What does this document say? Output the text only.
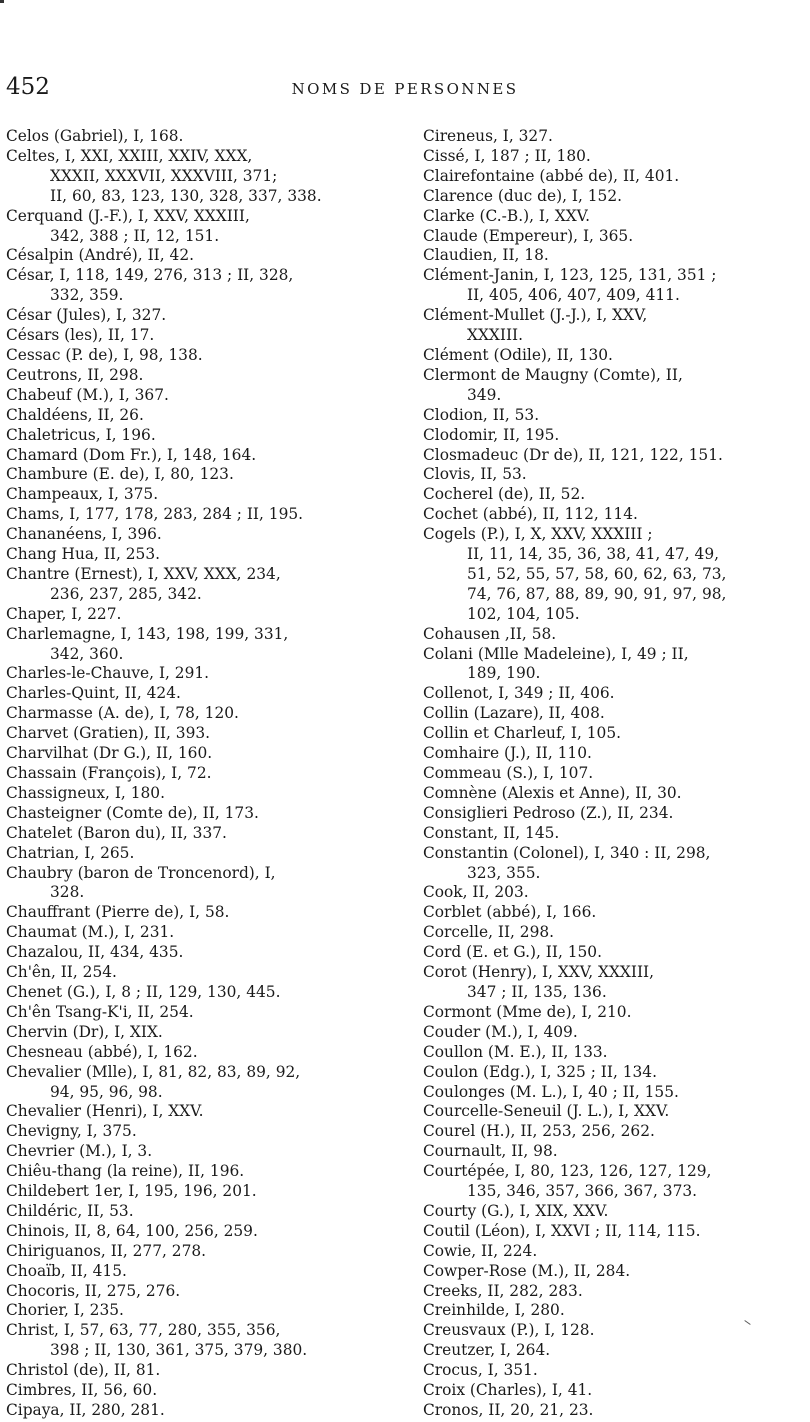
452	NOMS DE PERSONNES

Celos (Gabriel), I, 168.

Celtes, I, XXI, XXIII, XXIV, XXX,
XXXII, XXXVII, XXXVIII, 371;
II, 60, 83, 123, 130, 328, 337, 338.

Cerquand (J.-F.), I, XXV, XXXIII,
342, 388 ; II, 12, 151.

Césalpin (André), II, 42.

César, I, 118, 149, 276, 313 ; II, 328,
332, 359.

César (Jules), I, 327.

Césars (les), II, 17.

Cessac (P. de), I, 98, 138.

Ceutrons, II, 298.

Chabeuf (M.), I, 367.

Chaldéens, II, 26.

Chaletricus, I, 196.

Chamard (Dom Fr.), I, 148, 164.

Chambure (E. de), I, 80, 123.

Champeaux, I, 375.

Chams, I, 177, 178, 283, 284 ; II, 195.

Chananéens, I, 396.

Chang Hua, II, 253.

Chantre (Ernest), I, XXV, XXX, 234,
236, 237, 285, 342.

Chaper, I, 227.

Charlemagne, I, 143, 198, 199, 331,
342, 360.

Charles-le-Chauve, I, 291.

Charles-Quint, II, 424.

Charmasse (A. de), I, 78, 120.

Charvet (Gratien), II, 393.

Charvilhat (Dr G.), II, 160.

Chassain (François), I, 72.

Chassigneux, I, 180.

Chasteigner (Comte de), II, 173.

Chatelet (Baron du), II, 337.

Chatrian, I, 265.

Chaubry (baron de Troncenord), I,
328.

Chauffrant (Pierre de), I, 58.

Chaumat (M.), I, 231.

Chazalou, II, 434, 435.

Ch'ên, II, 254.

Chenet (G.), I, 8 ; II, 129, 130, 445.

Ch'ên Tsang-K'i, II, 254.

Chervin (Dr), I, XIX.

Chesneau (abbé), I, 162.

Chevalier (Mlle), I, 81, 82, 83, 89, 92,
94, 95, 96, 98.

Chevalier (Henri), I, XXV.

Chevigny, I, 375.

Chevrier (M.), I, 3.

Chiêu-thang (la reine), II, 196.

Childebert 1er, I, 195, 196, 201.

Childéric, II, 53.

Chinois, II, 8, 64, 100, 256, 259.

Chiriguanos, II, 277, 278.

Choaïb, II, 415.

Chocoris, II, 275, 276.

Chorier, I, 235.

Christ, I, 57, 63, 77, 280, 355, 356,
398 ; II, 130, 361, 375, 379, 380.

Christol (de), II, 81.

Cimbres, II, 56, 60.

Cipaya, II, 280, 281.

Cireneus, I, 327.

Cissé, I, 187 ; II, 180.

Clairefontaine (abbé de), II, 401.

Clarence (duc de), I, 152.

Clarke (C.-B.), I, XXV.

Claude (Empereur), I, 365.

Claudien, II, 18.

Clément-Janin, I, 123, 125, 131, 351 ;
II, 405, 406, 407, 409, 411.

Clément-Mullet (J.-J.), I, XXV,
XXXIII.

Clément (Odile), II, 130.

Clermont de Maugny (Comte), II,
349.

Clodion, II, 53.

Clodomir, II, 195.

Closmadeuc (Dr de), II, 121, 122, 151.

Clovis, II, 53.

Cocherel (de), II, 52.

Cochet (abbé), II, 112, 114.

Cogels (P.), I, X, XXV, XXXIII ;
II, 11, 14, 35, 36, 38, 41, 47, 49,
51, 52, 55, 57, 58, 60, 62, 63, 73,
74, 76, 87, 88, 89, 90, 91, 97, 98,
102, 104, 105.

Cohausen ,II, 58.

Colani (Mlle Madeleine), I, 49 ; II,
189, 190.

Collenot, I, 349 ; II, 406.

Collin (Lazare), II, 408.

Collin et Charleuf, I, 105.

Comhaire (J.), II, 110.

Commeau (S.), I, 107.

Comnène (Alexis et Anne), II, 30.

Consiglieri Pedroso (Z.), II, 234.

Constant, II, 145.

Constantin (Colonel), I, 340 : II, 298,
323, 355.

Cook, II, 203.

Corblet (abbé), I, 166.

Corcelle, II, 298.

Cord (E. et G.), II, 150.

Corot (Henry), I, XXV, XXXIII,
347 ; II, 135, 136.

Cormont (Mme de), I, 210.

Couder (M.), I, 409.

Coullon (M. E.), II, 133.

Coulon (Edg.), I, 325 ; II, 134.

Coulonges (M. L.), I, 40 ; II, 155.

Courcelle-Seneuil (J. L.), I, XXV.

Courel (H.), II, 253, 256, 262.

Cournault, II, 98.

Courtépée, I, 80, 123, 126, 127, 129,
135, 346, 357, 366, 367, 373.

Courty (G.), I, XIX, XXV.

Coutil (Léon), I, XXVI ; II, 114, 115.

Cowie, II, 224.

Cowper-Rose (M.), II, 284.

Creeks, II, 282, 283.

Creinhilde, I, 280.

Creusvaux (P.), I, 128.

Creutzer, I, 264.

Crocus, I, 351.

Croix (Charles), I, 41.

Cronos, II, 20, 21, 23.
